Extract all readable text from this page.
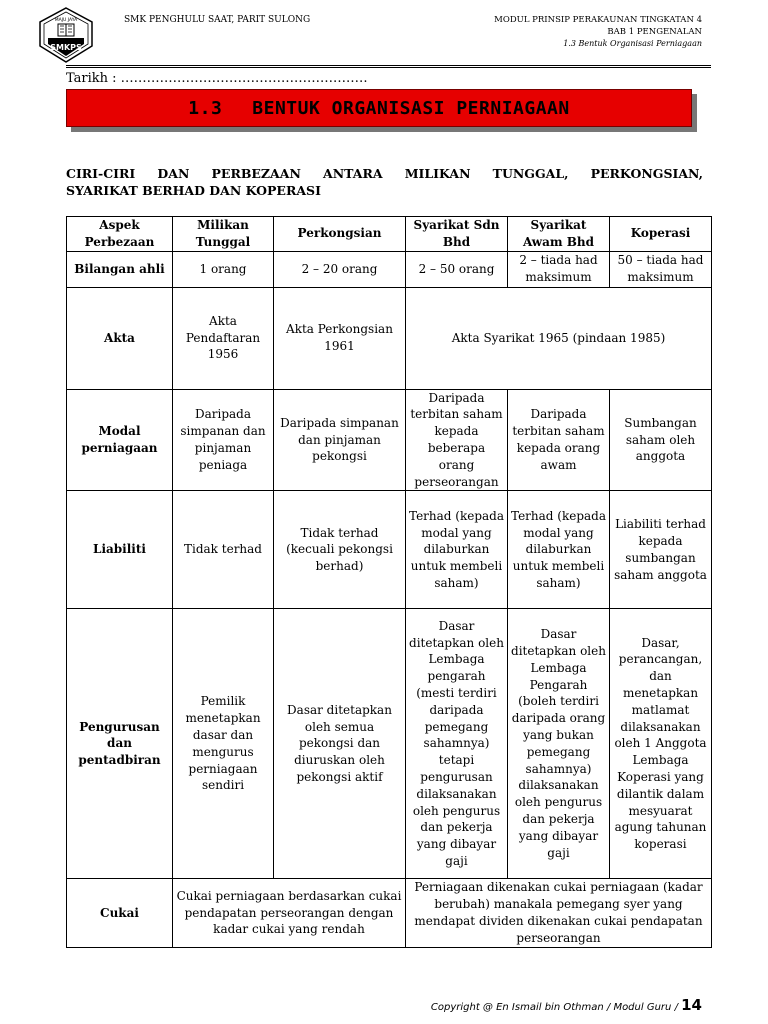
SMKPS
MAJU JAYA	SMK PENGHULU SAAT, PARIT SULONG	MODUL PRINSIP PERAKAUNAN TINGKATAN 4
BAB 1 PENGENALAN
1.3 Bentuk Organisasi Perniagaan
Tarikh : …………………………………………………
1.3 BENTUK ORGANISASI PERNIAGAAN
CIRI-CIRI DAN PERBEZAAN ANTARA MILIKAN TUNGGAL, PERKONGSIAN,
SYARIKAT BERHAD DAN KOPERASI
Aspek Perbezaan	Milikan Tunggal	Perkongsian	Syarikat Sdn Bhd	Syarikat Awam Bhd	Koperasi	
Bilangan ahli	1 orang	2 – 20 orang	2 – 50 orang	2 – tiada had maksimum	50 – tiada had maksimum	
Akta	Akta Pendaftaran 1956	Akta Perkongsian 1961	Akta Syarikat 1965 (pindaan 1985)	
Modal perniagaan	Daripada simpanan dan pinjaman peniaga	Daripada simpanan dan pinjaman pekongsi	Daripada terbitan saham kepada beberapa orang perseorangan	Daripada terbitan saham kepada orang awam	Sumbangan saham oleh anggota	
Liabiliti	Tidak terhad	Tidak terhad (kecuali pekongsi berhad)	Terhad (kepada modal yang dilaburkan untuk membeli saham)	Terhad (kepada modal yang dilaburkan untuk membeli saham)	Liabiliti terhad kepada sumbangan saham anggota	
Pengurusan dan pentadbiran	Pemilik menetapkan dasar dan mengurus perniagaan sendiri	Dasar ditetapkan oleh semua pekongsi dan diuruskan oleh pekongsi aktif	Dasar ditetapkan oleh Lembaga pengarah (mesti terdiri daripada pemegang sahamnya) tetapi pengurusan dilaksanakan oleh pengurus dan pekerja yang dibayar gaji	Dasar ditetapkan oleh Lembaga Pengarah (boleh terdiri daripada orang yang bukan pemegang sahamnya) dilaksanakan oleh pengurus dan pekerja yang dibayar gaji	Dasar, perancangan, dan menetapkan matlamat dilaksanakan oleh 1 Anggota Lembaga Koperasi yang dilantik dalam mesyuarat agung tahunan koperasi	
Cukai	Cukai perniagaan berdasarkan cukai pendapatan perseorangan dengan kadar cukai yang rendah		Perniagaan dikenakan cukai perniagaan (kadar berubah) manakala pemegang syer yang mendapat dividen dikenakan cukai pendapatan perseorangan			
Copyright @ En Ismail bin Othman / Modul Guru / 14
